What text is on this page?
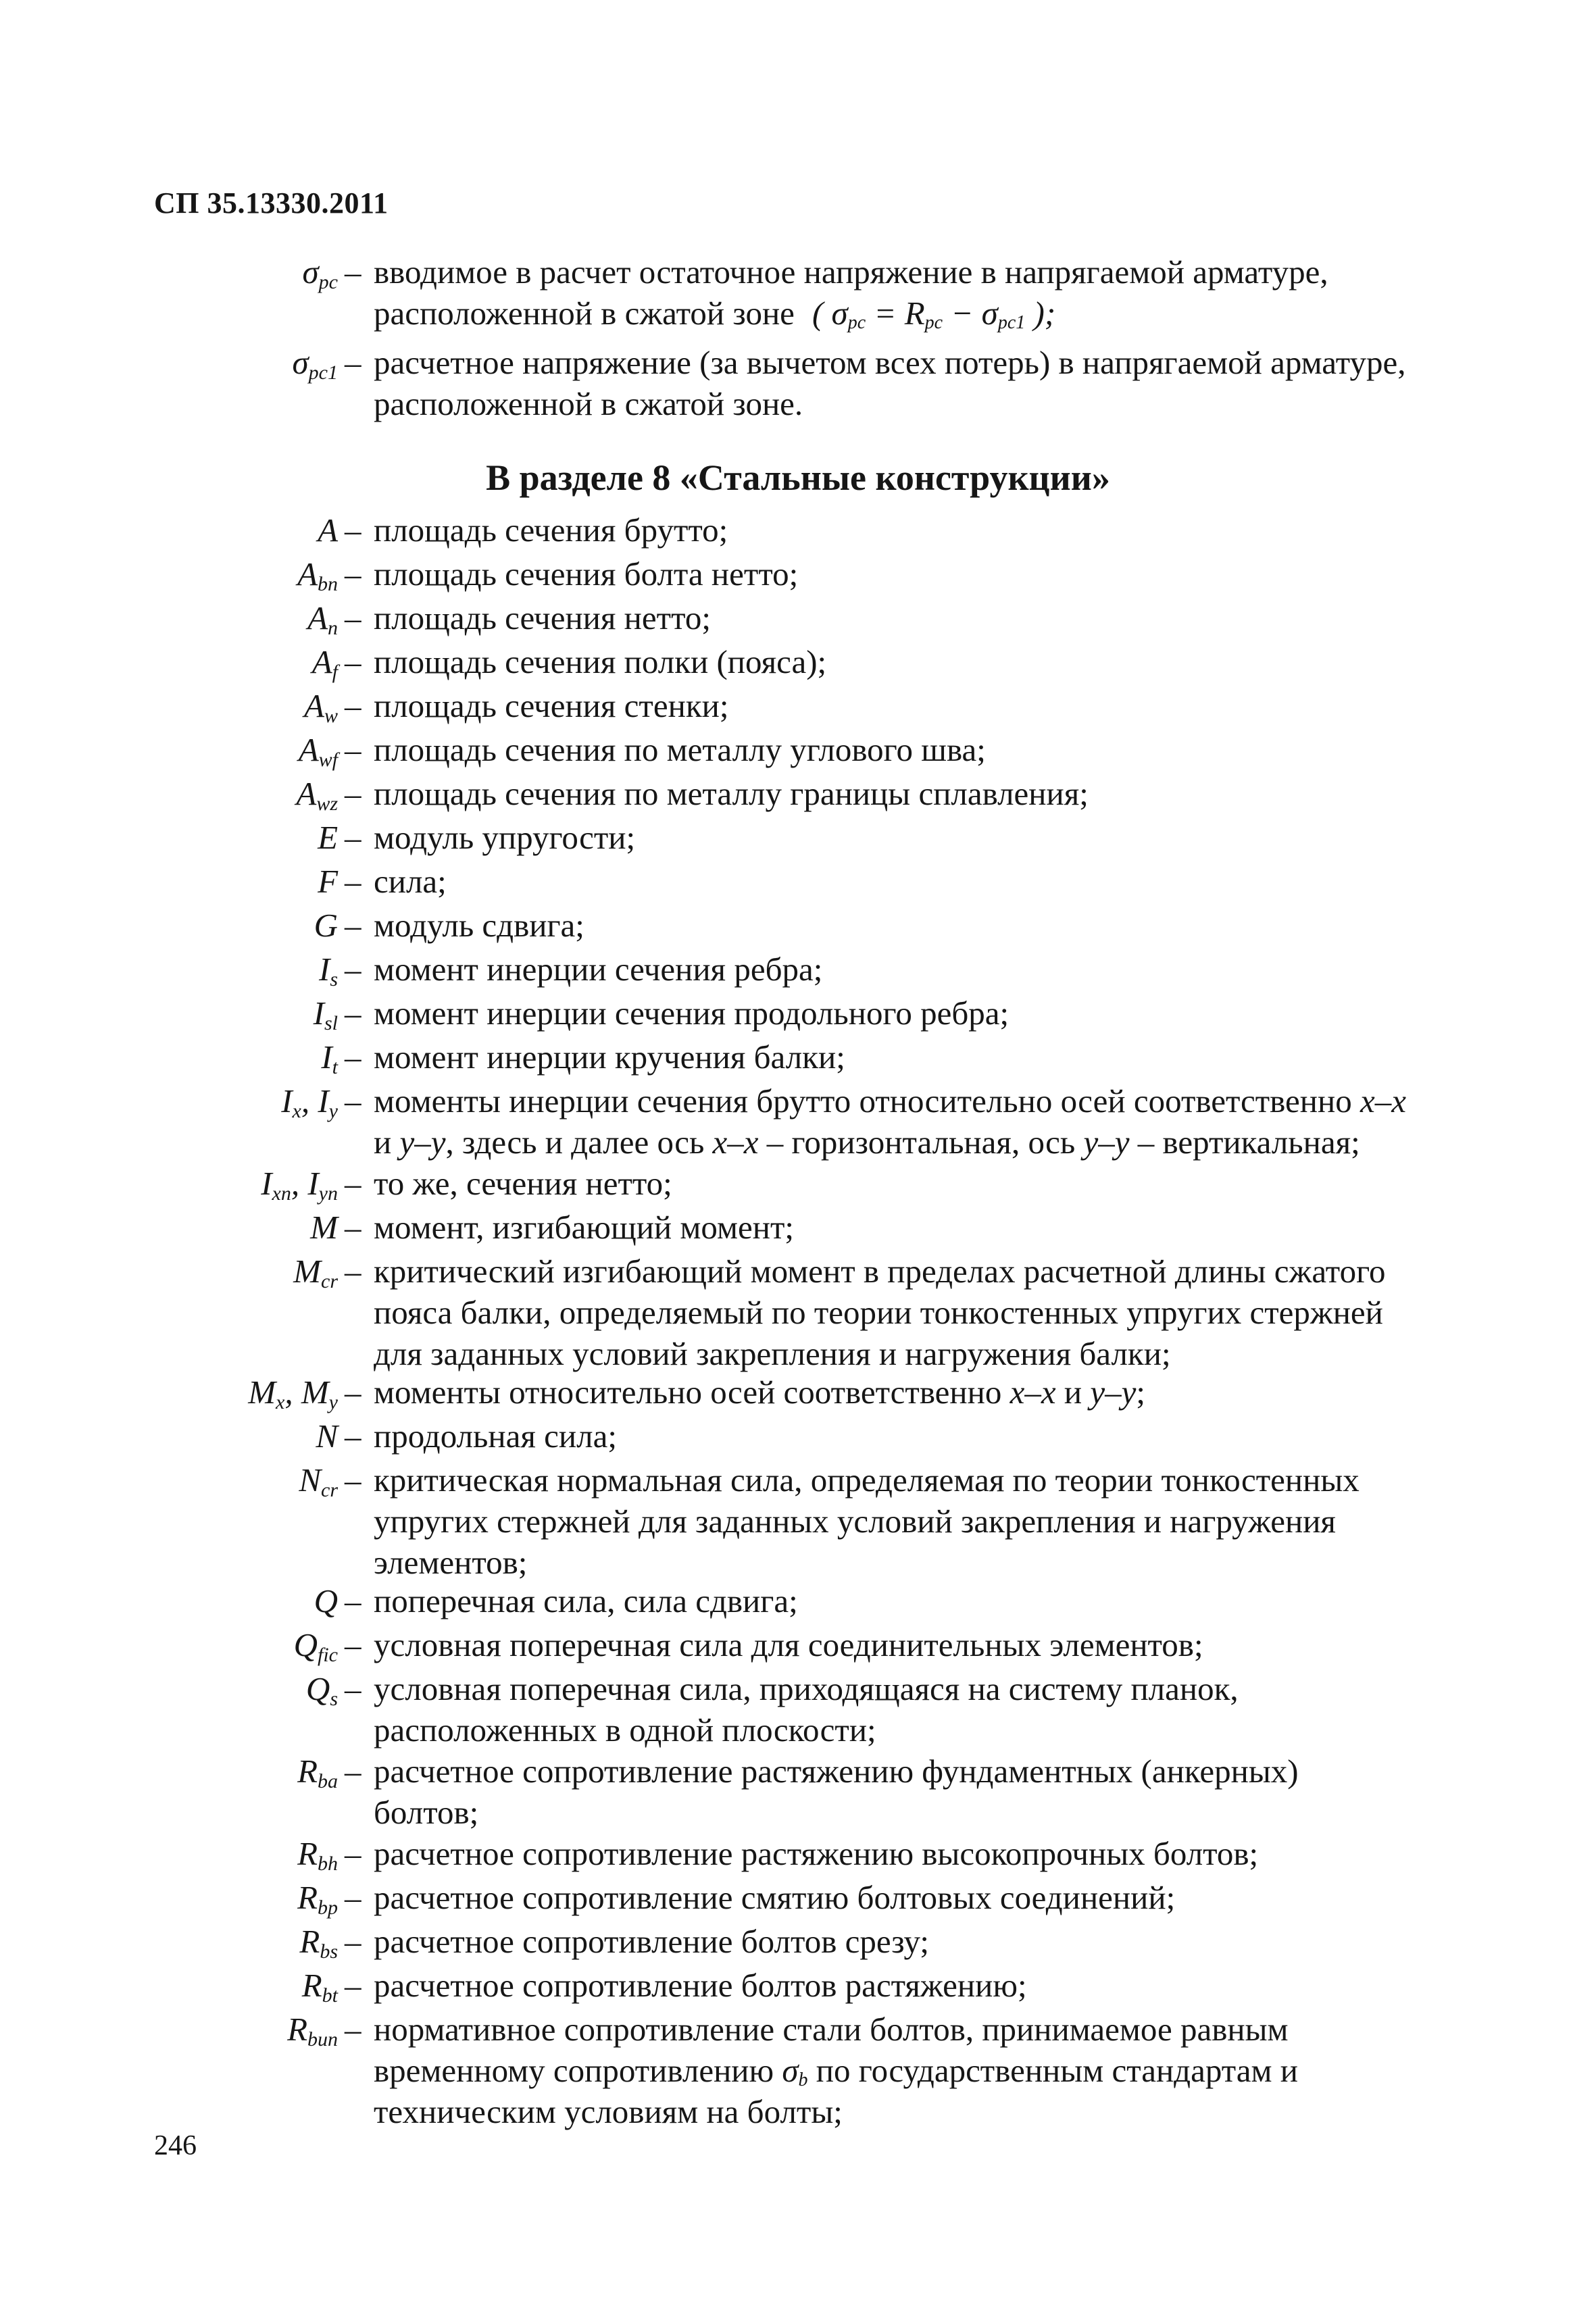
СП 35.13330.2011
$\sigma_{pc}$ – вводимое в расчет остаточное напряжение в напрягаемой арматуре,
расположенной в сжатой зоне ( $\sigma_{pc} = R_{pc} - \sigma_{pc1}$ );
$\sigma_{pc1}$ – расчетное напряжение (за вычетом всех потерь) в напрягаемой арматуре,
расположенной в сжатой зоне.
В разделе 8 «Стальные конструкции»
A – площадь сечения брутто;
$A_{bn}$ – площадь сечения болта нетто;
$A_n$ – площадь сечения нетто;
$A_f$ – площадь сечения полки (пояса);
$A_w$ – площадь сечения стенки;
$A_{wf}$ – площадь сечения по металлу углового шва;
$A_{wz}$ – площадь сечения по металлу границы сплавления;
E – модуль упругости;
F – сила;
G – модуль сдвига;
$I_s$ – момент инерции сечения ребра;
$I_{sl}$ – момент инерции сечения продольного ребра;
$I_t$ – момент инерции кручения балки;
$I_x$, $I_y$ – моменты инерции сечения брутто относительно осей соответственно x–x
и y–y, здесь и далее ось x–x – горизонтальная, ось y–y – вертикальная;
$I_{xn}$, $I_{yn}$ – то же, сечения нетто;
M – момент, изгибающий момент;
$M_{cr}$ – критический изгибающий момент в пределах расчетной длины сжатого
пояса балки, определяемый по теории тонкостенных упругих стержней
для заданных условий закрепления и нагружения балки;
$M_x$, $M_y$ – моменты относительно осей соответственно x–x и y–y;
N – продольная сила;
$N_{cr}$ – критическая нормальная сила, определяемая по теории тонкостенных
упругих стержней для заданных условий закрепления и нагружения
элементов;
Q – поперечная сила, сила сдвига;
$Q_{fic}$ – условная поперечная сила для соединительных элементов;
$Q_s$ – условная поперечная сила, приходящаяся на систему планок,
расположенных в одной плоскости;
$R_{ba}$ – расчетное сопротивление растяжению фундаментных (анкерных)
болтов;
$R_{bh}$ – расчетное сопротивление растяжению высокопрочных болтов;
$R_{bp}$ – расчетное сопротивление смятию болтовых соединений;
$R_{bs}$ – расчетное сопротивление болтов срезу;
$R_{bt}$ – расчетное сопротивление болтов растяжению;
$R_{bun}$ – нормативное сопротивление стали болтов, принимаемое равным
временному сопротивлению $\sigma_b$ по государственным стандартам и
техническим условиям на болты;
246
